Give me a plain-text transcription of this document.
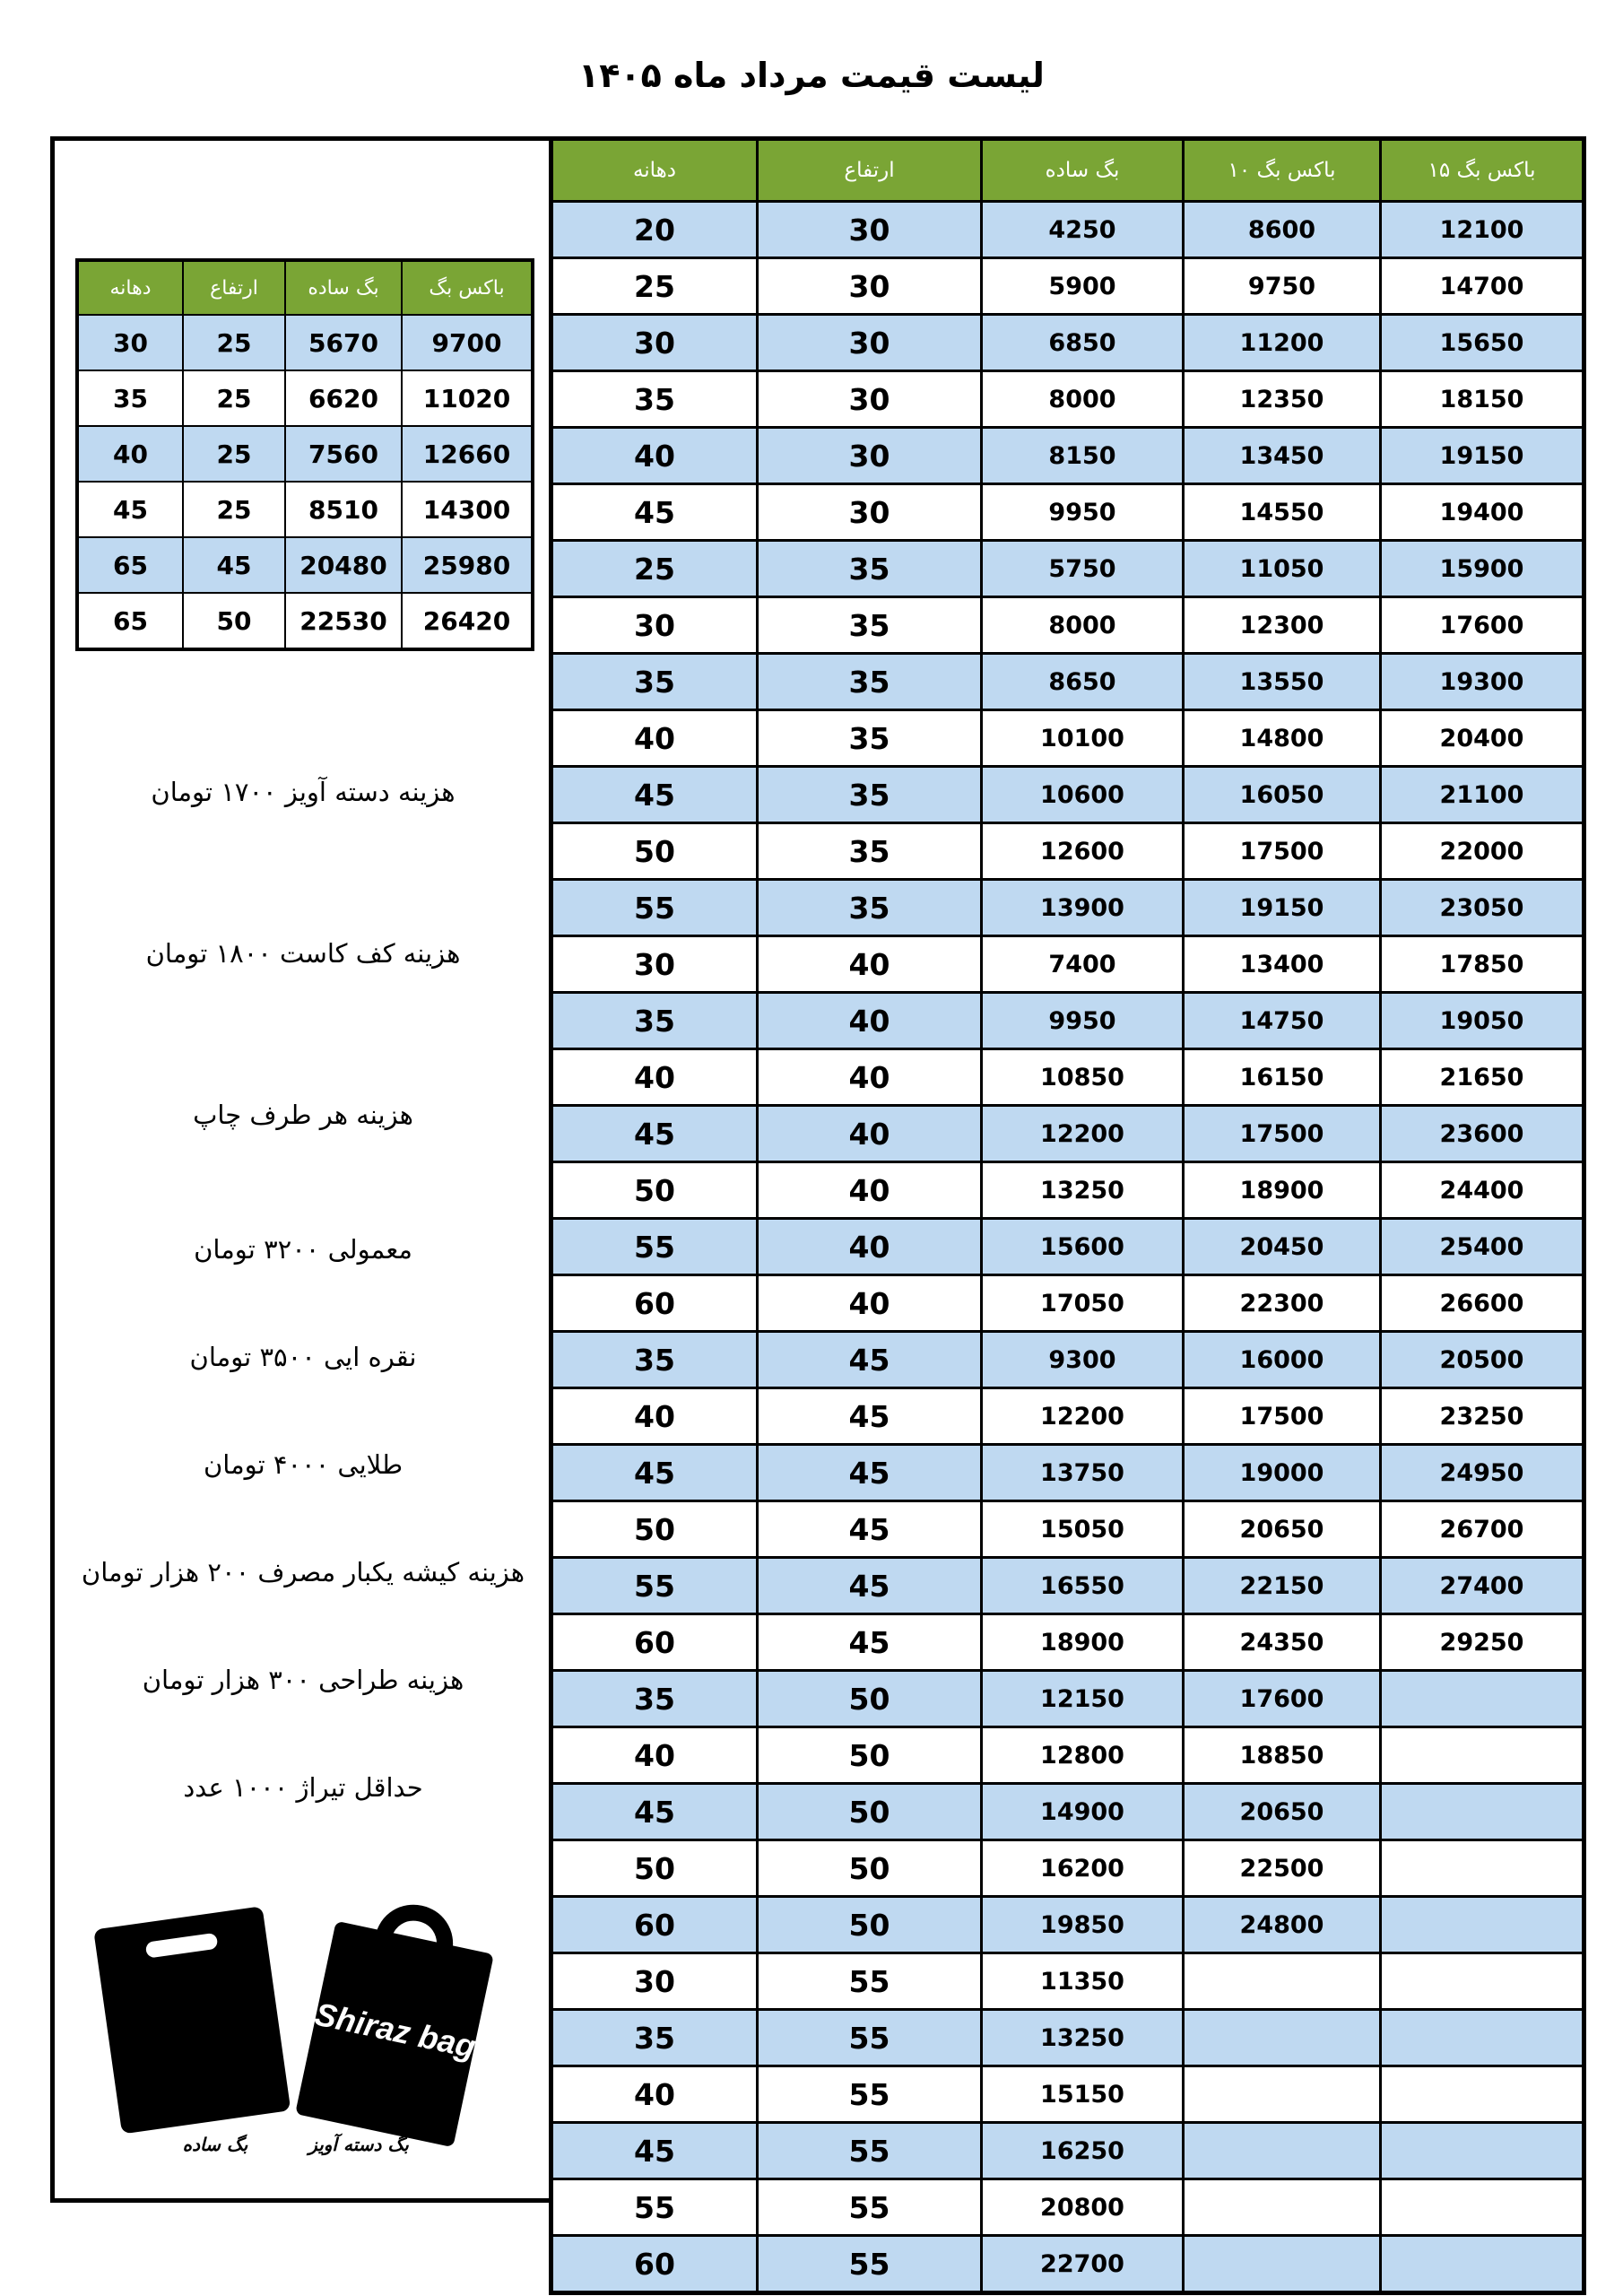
لیست قیمت مرداد ماه ۱۴۰۵
دهانه	ارتفاع	بگ ساده	باکس بگ ۱۰	باکس بگ ۱۵
20	30	4250	8600	12100
25	30	5900	9750	14700
30	30	6850	11200	15650
35	30	8000	12350	18150
40	30	8150	13450	19150
45	30	9950	14550	19400
25	35	5750	11050	15900
30	35	8000	12300	17600
35	35	8650	13550	19300
40	35	10100	14800	20400
45	35	10600	16050	21100
50	35	12600	17500	22000
55	35	13900	19150	23050
30	40	7400	13400	17850
35	40	9950	14750	19050
40	40	10850	16150	21650
45	40	12200	17500	23600
50	40	13250	18900	24400
55	40	15600	20450	25400
60	40	17050	22300	26600
35	45	9300	16000	20500
40	45	12200	17500	23250
45	45	13750	19000	24950
50	45	15050	20650	26700
55	45	16550	22150	27400
60	45	18900	24350	29250
35	50	12150	17600	
40	50	12800	18850	
45	50	14900	20650	
50	50	16200	22500	
60	50	19850	24800	
30	55	11350		
35	55	13250		
40	55	15150		
45	55	16250		
55	55	20800		
60	55	22700		
دهانه	ارتفاع	بگ ساده	باکس بگ
30	25	5670	9700
35	25	6620	11020
40	25	7560	12660
45	25	8510	14300
65	45	20480	25980
65	50	22530	26420
هزینه دسته آویز ۱۷۰۰ تومان
هزینه کف کاست ۱۸۰۰ تومان
هزینه هر طرف چاپ
معمولی ۳۲۰۰ تومان
نقره ایی ۳۵۰۰ تومان
طلایی ۴۰۰۰ تومان
هزینه کیشه یکبار مصرف ۲۰۰ هزار تومان
هزینه طراحی ۳۰۰ هزار تومان
حداقل تیراژ ۱۰۰۰ عدد
Shiraz bag
بگ ساده	بگ دسته آویز
